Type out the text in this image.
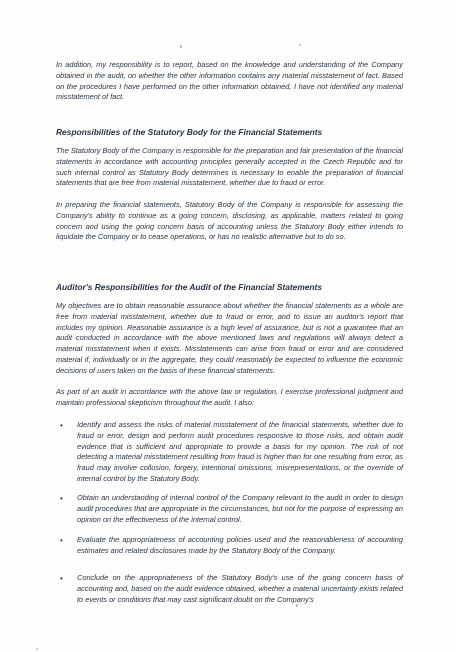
In addition, my responsibility is to report, based on the knowledge and understanding of the Company obtained in the audit, on whether the other information contains any material misstatement of fact. Based on the procedures I have performed on the other information obtained, I have not identified any material misstatement of fact.

Responsibilities of the Statutory Body for the Financial Statements

The Statutory Body of the Company is responsible for the preparation and fair presentation of the financial statements in accordance with accounting principles generally accepted in the Czech Republic and for such internal control as Statutory Body determines is necessary to enable the preparation of financial statements that are free from material misstatement, whether due to fraud or error.

In preparing the financial statements, Statutory Body of the Company is responsible for assessing the Company's ability to continue as a going concern, disclosing, as applicable, matters related to going concern and using the going concern basis of accounting unless the Statutory Body either intends to liquidate the Company or to cease operations, or has no realistic alternative but to do so.

Auditor's Responsibilities for the Audit of the Financial Statements

My objectives are to obtain reasonable assurance about whether the financial statements as a whole are free from material misstatement, whether due to fraud or error, and to issue an auditor's report that includes my opinion. Reasonable assurance is a high level of assurance, but is not a guarantee that an audit conducted in accordance with the above mentioned laws and regulations will always detect a material misstatement when it exists. Misstatements can arise from fraud or error and are considered material if, individually or in the aggregate, they could reasonably be expected to influence the economic decisions of users taken on the basis of these financial statements.

As part of an audit in accordance with the above law or regulation, I exercise professional judgment and maintain professional skepticism throughout the audit. I also:

• Identify and assess the risks of material misstatement of the financial statements, whether due to fraud or error, design and perform audit procedures responsive to those risks, and obtain audit evidence that is sufficient and appropriate to provide a basis for my opinion. The risk of not detecting a material misstatement resulting from fraud is higher than for one resulting from error, as fraud may involve collusion, forgery, intentional omissions, misrepresentations, or the override of internal control by the Statutory Body.

• Obtain an understanding of internal control of the Company relevant to the audit in order to design audit procedures that are appropriate in the circumstances, but not for the purpose of expressing an opinion on the effectiveness of the internal control.

• Evaluate the appropriateness of accounting policies used and the reasonableness of accounting estimates and related disclosures made by the Statutory Body of the Company.

• Conclude on the appropriateness of the Statutory Body's use of the going concern basis of accounting and, based on the audit evidence obtained, whether a material uncertainty exists related to events or conditions that may cast significant doubt on the Company's
